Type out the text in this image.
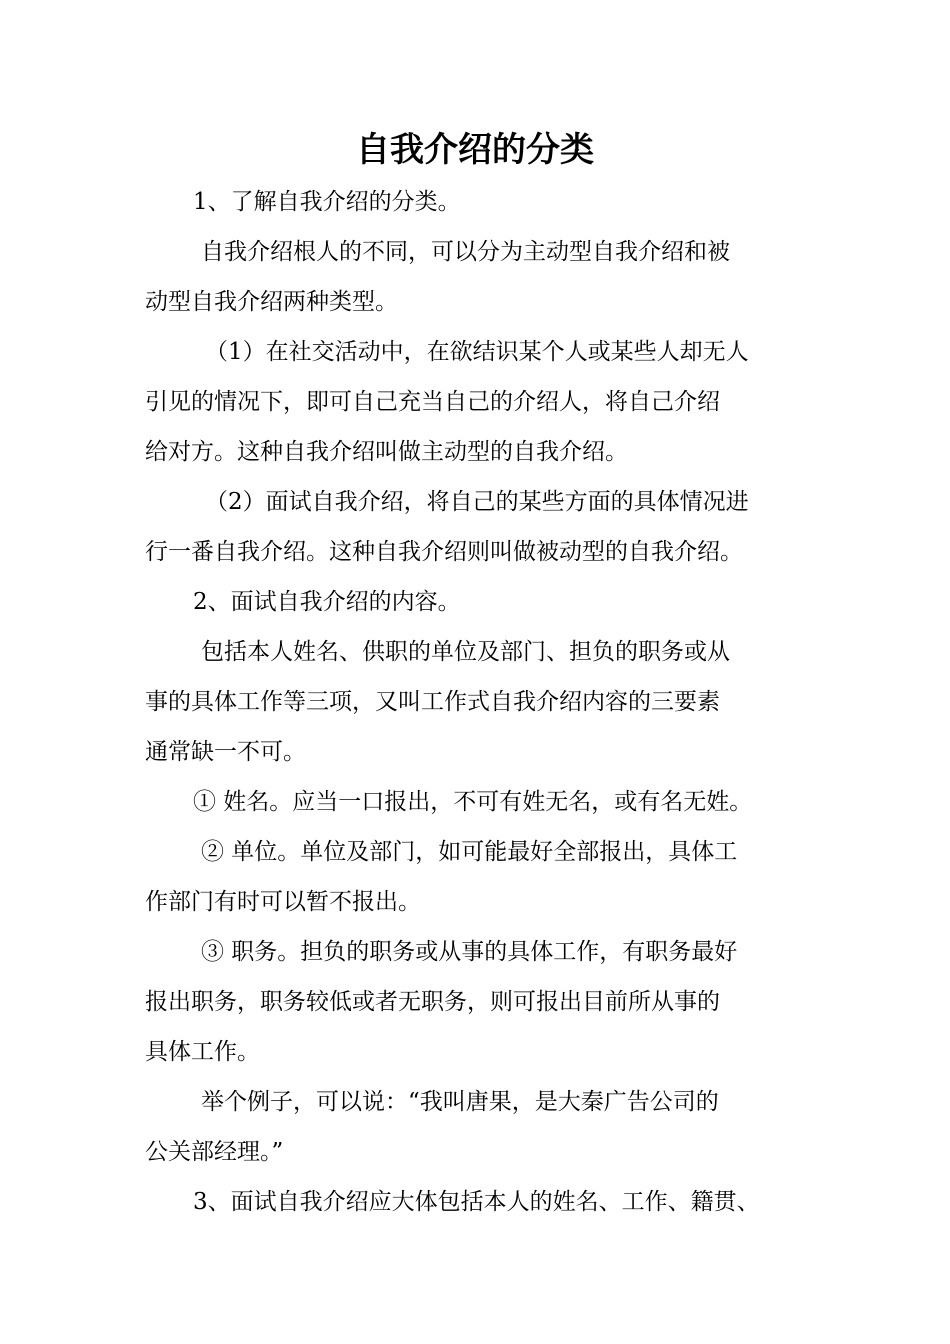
自我介绍的分类
1、了解自我介绍的分类。
自我介绍根人的不同，可以分为主动型自我介绍和被
动型自我介绍两种类型。
（1）在社交活动中，在欲结识某个人或某些人却无人
引见的情况下，即可自己充当自己的介绍人，将自己介绍
给对方。这种自我介绍叫做主动型的自我介绍。
（2）面试自我介绍，将自己的某些方面的具体情况进
行一番自我介绍。这种自我介绍则叫做被动型的自我介绍。
2、面试自我介绍的内容。
包括本人姓名、供职的单位及部门、担负的职务或从
事的具体工作等三项，又叫工作式自我介绍内容的三要素
通常缺一不可。
① 姓名。应当一口报出，不可有姓无名，或有名无姓。
② 单位。单位及部门，如可能最好全部报出，具体工
作部门有时可以暂不报出。
③ 职务。担负的职务或从事的具体工作，有职务最好
报出职务，职务较低或者无职务，则可报出目前所从事的
具体工作。
举个例子，可以说：“我叫唐果，是大秦广告公司的
公关部经理。”
3、面试自我介绍应大体包括本人的姓名、工作、籍贯、
